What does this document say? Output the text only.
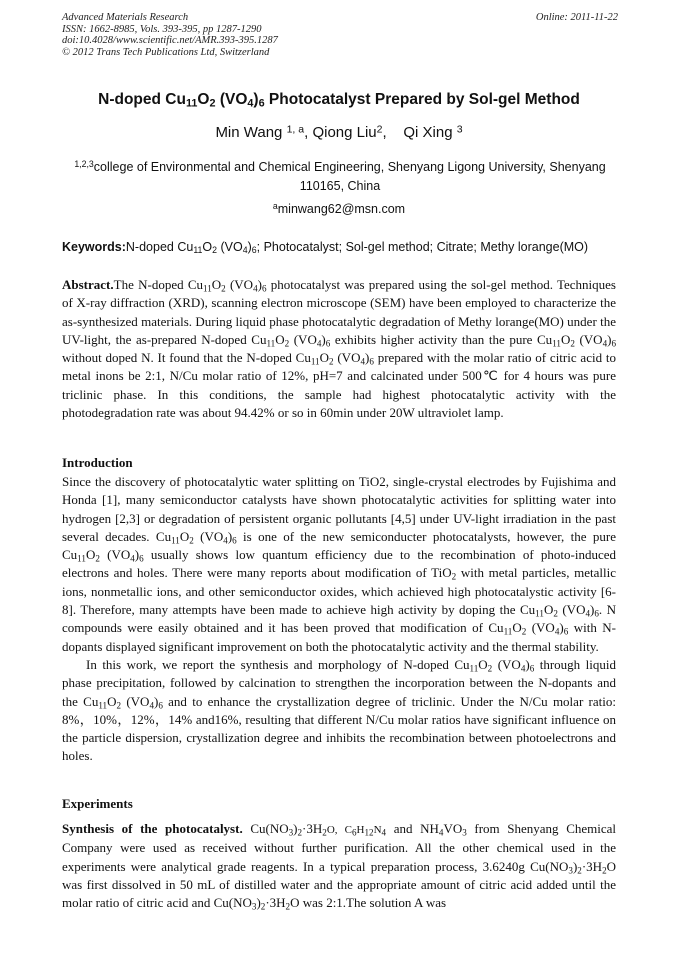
Advanced Materials Research
ISSN: 1662-8985, Vols. 393-395, pp 1287-1290
doi:10.4028/www.scientific.net/AMR.393-395.1287
© 2012 Trans Tech Publications Ltd, Switzerland
Online: 2011-11-22
N-doped $Cu_{11}O_2$ $(VO_4)_6$ Photocatalyst Prepared by Sol-gel Method
Min Wang $^{1, a}$, Qiong Liu$^2$, Qi Xing $^3$
$^{1,2,3}$college of Environmental and Chemical Engineering, Shenyang Ligong University, Shenyang
110165, China
$^a$minwang62@msn.com
Keywords:N-doped $Cu_{11}O_2$ $(VO_4)_6$; Photocatalyst; Sol-gel method; Citrate; Methy lorange(MO)
Abstract.The N-doped $Cu_{11}O_2$ $(VO_4)_6$ photocatalyst was prepared using the sol-gel method. Techniques of X-ray diffraction (XRD), scanning electron microscope (SEM) have been employed to characterize the as-synthesized materials. During liquid phase photocatalytic degradation of Methy lorange(MO) under the UV-light, the as-prepared N-doped $Cu_{11}O_2$ $(VO_4)_6$ exhibits higher activity than the pure $Cu_{11}O_2$ $(VO_4)_6$ without doped N. It found that the N-doped $Cu_{11}O_2$ $(VO_4)_6$ prepared with the molar ratio of citric acid to metal inons be 2:1, N/Cu molar ratio of 12%, pH=7 and calcinated under 500℃ for 4 hours was pure triclinic phase. In this conditions, the sample had highest photocatalytic activity with the photodegradation rate was about 94.42% or so in 60min under 20W ultraviolet lamp.
Introduction

Since the discovery of photocatalytic water splitting on TiO2, single-crystal electrodes by Fujishima and Honda [1], many semiconductor catalysts have shown photocatalytic activities for splitting water into hydrogen [2,3] or degradation of persistent organic pollutants [4,5] under UV-light irradiation in the past several decades. $Cu_{11}O_2$ $(VO_4)_6$ is one of the new semiconducter photocatalysts, however, the pure $Cu_{11}O_2$ $(VO_4)_6$ usually shows low quantum efficiency due to the recombination of photo-induced electrons and holes. There were many reports about modification of TiO$_2$ with metal particles, metallic ions, nonmetallic ions, and other semiconductor oxides, which achieved high photocatalystic activity [6-8]. Therefore, many attempts have been made to achieve high activity by doping the $Cu_{11}O_2$ $(VO_4)_6$. N compounds were easily obtained and it has been proved that modification of $Cu_{11}O_2$ $(VO_4)_6$ with N-dopants displayed significant improvement on both the photocatalytic activity and the thermal stability.

In this work, we report the synthesis and morphology of N-doped $Cu_{11}O_2$ $(VO_4)_6$ through liquid phase precipitation, followed by calcination to strengthen the incorporation between the N-dopants and the $Cu_{11}O_2$ $(VO_4)_6$ and to enhance the crystallization degree of triclinic. Under the N/Cu molar ratio: 8%，10%，12%，14% and16%, resulting that different N/Cu molar ratios have significant influence on the particle dispersion, crystallization degree and inhibits the recombination between photoelectrons and holes.

Experiments
Synthesis of the photocatalyst. $Cu(NO_3)_2\cdot 3H_2O$, $C_6H_{12}N_4$ and $NH_4VO_3$ from Shenyang Chemical Company were used as received without further purification. All the other chemical used in the experiments were analytical grade reagents. In a typical preparation process, 3.6240g $Cu(NO_3)_2\cdot 3H_2O$ was first dissolved in 50 mL of distilled water and the appropriate amount of citric acid added until the molar ratio of citric acid and $Cu(NO_3)_2\cdot 3H_2O$ was 2:1.The solution A was
